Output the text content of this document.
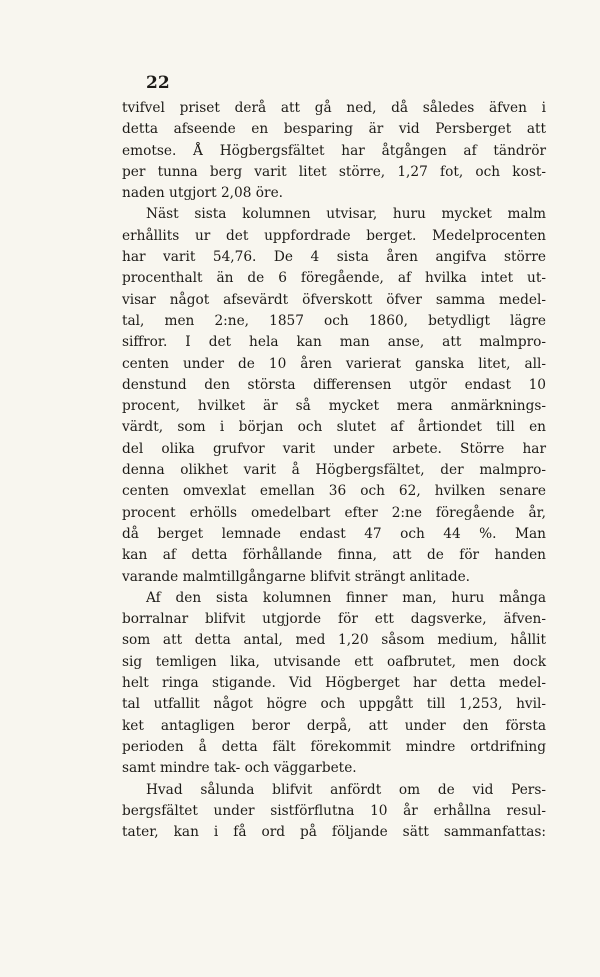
22
tvifvel priset derå att gå ned, då således äfven i
detta afseende en besparing är vid Persberget att
emotse. Å Högbergsfältet har åtgången af tändrör
per tunna berg varit litet större, 1,27 fot, och kost-
naden utgjort 2,08 öre.
Näst sista kolumnen utvisar, huru mycket malm
erhållits ur det uppfordrade berget. Medelprocenten
har varit 54,76. De 4 sista åren angifva större
procenthalt än de 6 föregående, af hvilka intet ut-
visar något afsevärdt öfverskott öfver samma medel-
tal, men 2:ne, 1857 och 1860, betydligt lägre
siffror. I det hela kan man anse, att malmpro-
centen under de 10 åren varierat ganska litet, all-
denstund den största differensen utgör endast 10
procent, hvilket är så mycket mera anmärknings-
värdt, som i början och slutet af årtiondet till en
del olika grufvor varit under arbete. Större har
denna olikhet varit å Högbergsfältet, der malmpro-
centen omvexlat emellan 36 och 62, hvilken senare
procent erhölls omedelbart efter 2:ne föregående år,
då berget lemnade endast 47 och 44 %. Man
kan af detta förhållande finna, att de för handen
varande malmtillgångarne blifvit strängt anlitade.
Af den sista kolumnen finner man, huru många
borralnar blifvit utgjorde för ett dagsverke, äfven-
som att detta antal, med 1,20 såsom medium, hållit
sig temligen lika, utvisande ett oafbrutet, men dock
helt ringa stigande. Vid Högberget har detta medel-
tal utfallit något högre och uppgått till 1,253, hvil-
ket antagligen beror derpå, att under den första
perioden å detta fält förekommit mindre ortdrifning
samt mindre tak- och väggarbete.
Hvad sålunda blifvit anfördt om de vid Pers-
bergsfältet under sistförflutna 10 år erhållna resul-
tater, kan i få ord på följande sätt sammanfattas:
